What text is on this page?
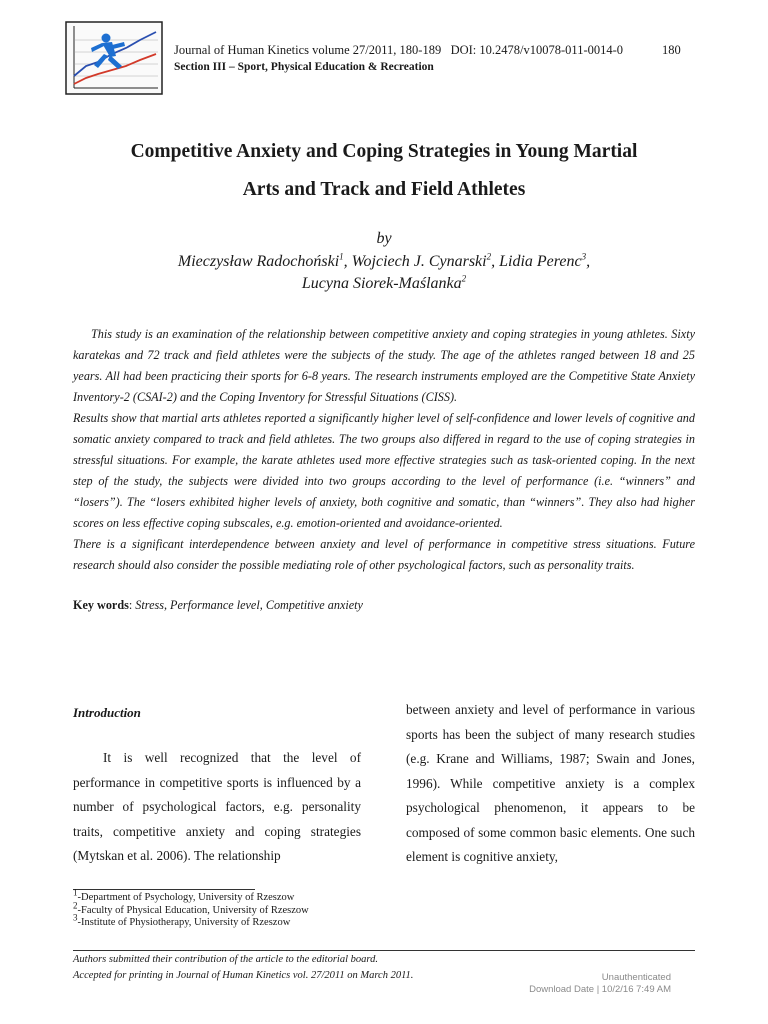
Journal of Human Kinetics volume 27/2011, 180-189 DOI: 10.2478/v10078-011-0014-0	180
Section III – Sport, Physical Education & Recreation
Competitive Anxiety and Coping Strategies in Young Martial
Arts and Track and Field Athletes
by
Mieczysław Radochoński$^1$, Wojciech J. Cynarski$^2$, Lidia Perenc$^3$,
Lucyna Siorek-Maślanka$^2$

This study is an examination of the relationship between competitive anxiety and coping strategies in young athletes. Sixty karatekas and 72 track and field athletes were the subjects of the study. The age of the athletes ranged between 18 and 25 years. All had been practicing their sports for 6-8 years. The research instruments employed are the Competitive State Anxiety Inventory-2 (CSAI-2) and the Coping Inventory for Stressful Situations (CISS).

Results show that martial arts athletes reported a significantly higher level of self-confidence and lower levels of cognitive and somatic anxiety compared to track and field athletes. The two groups also differed in regard to the use of coping strategies in stressful situations. For example, the karate athletes used more effective strategies such as task-oriented coping. In the next step of the study, the subjects were divided into two groups according to the level of performance (i.e. “winners” and “losers”). The “losers exhibited higher levels of anxiety, both cognitive and somatic, than “winners”. They also had higher scores on less effective coping subscales, e.g. emotion-oriented and avoidance-oriented.

There is a significant interdependence between anxiety and level of performance in competitive stress situations. Future research should also consider the possible mediating role of other psychological factors, such as personality traits.

Key words: Stress, Performance level, Competitive anxiety
Introduction

It is well recognized that the level of performance in competitive sports is influenced by a number of psychological factors, e.g. personality traits, competitive anxiety and coping strategies (Mytskan et al. 2006). The relationship

between anxiety and level of performance in various sports has been the subject of many research studies (e.g. Krane and Williams, 1987; Swain and Jones, 1996). While competitive anxiety is a complex psychological phenomenon, it appears to be composed of some common basic elements. One such element is cognitive anxiety,

$^1$-Department of Psychology, University of Rzeszow
$^2$-Faculty of Physical Education, University of Rzeszow
$^3$-Institute of Physiotherapy, University of Rzeszow
Authors submitted their contribution of the article to the editorial board.
Accepted for printing in Journal of Human Kinetics vol. 27/2011 on March 2011.	Unauthenticated
Download Date | 10/2/16 7:49 AM
